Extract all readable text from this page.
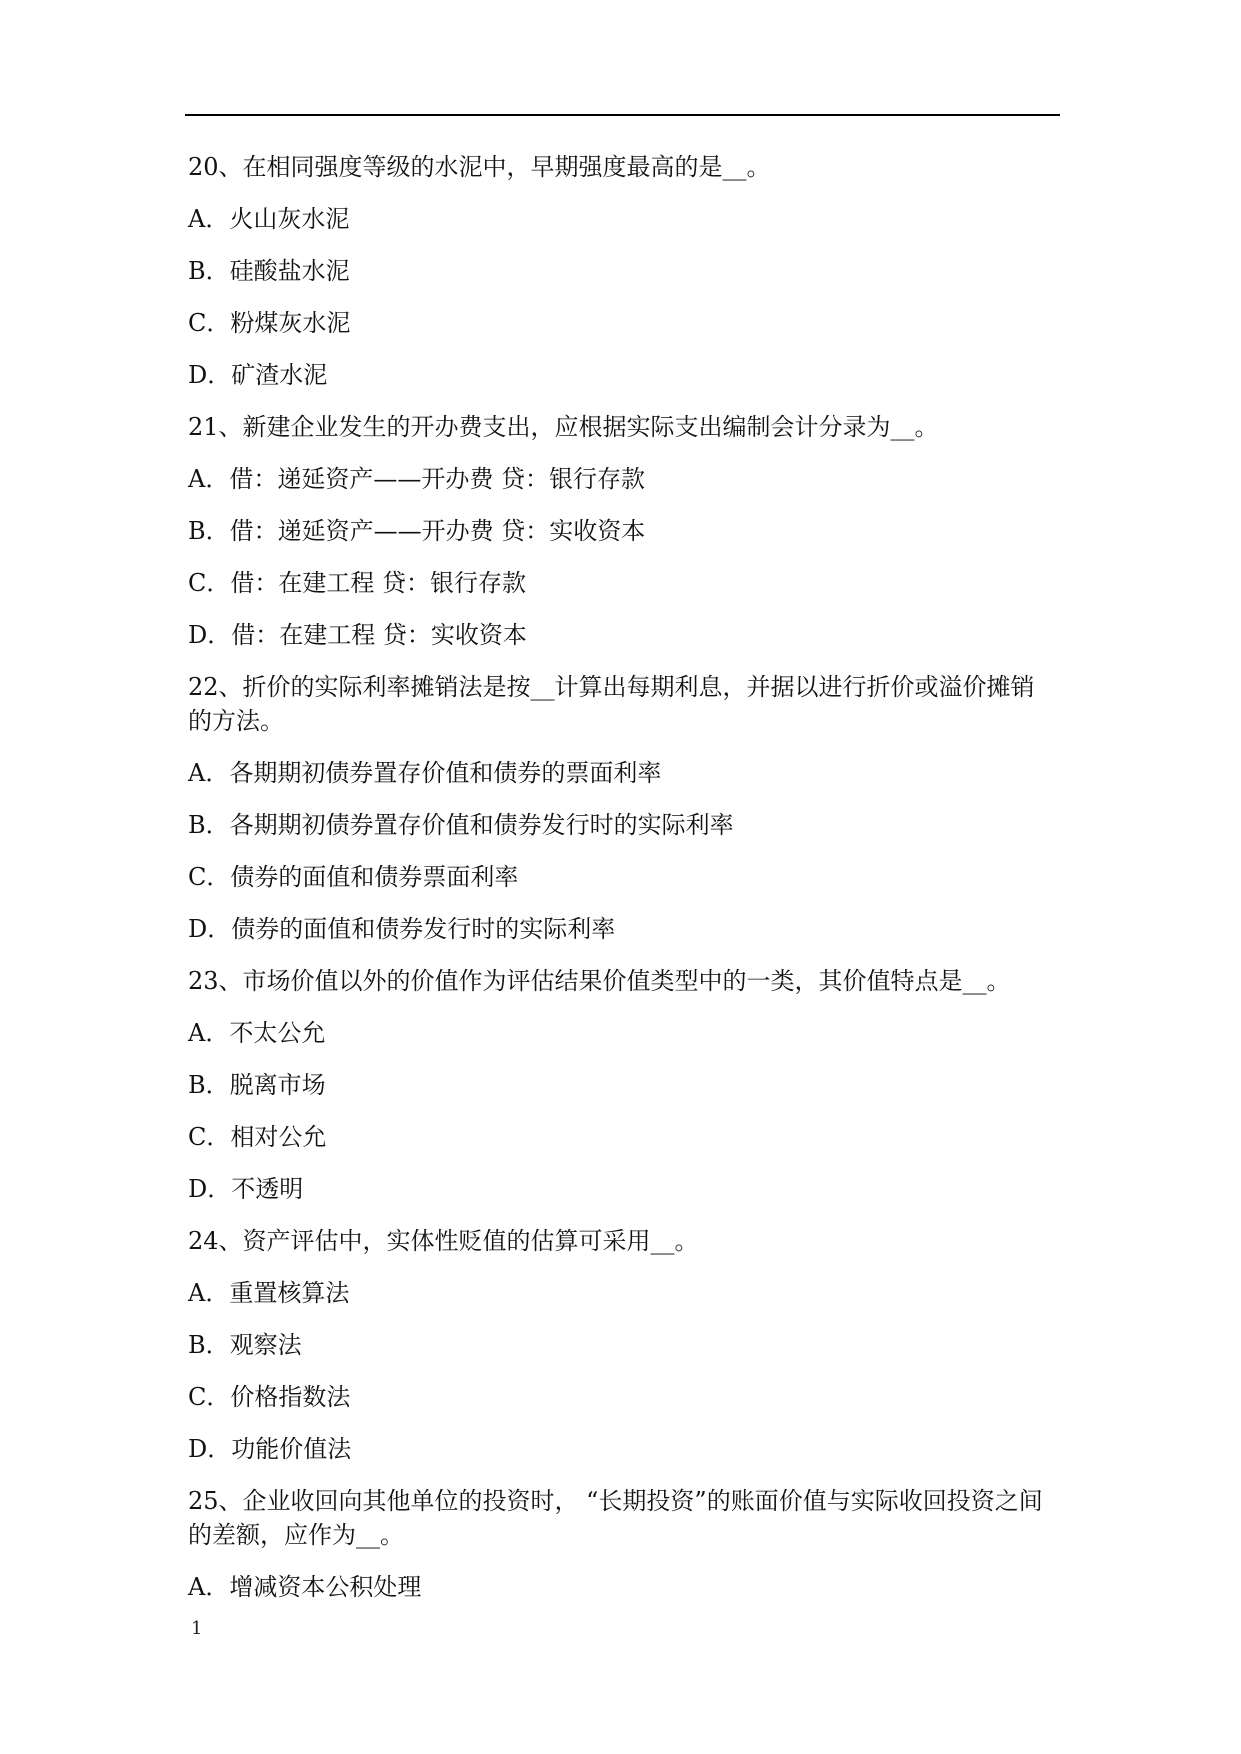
20、在相同强度等级的水泥中，早期强度最高的是__。
A．火山灰水泥
B．硅酸盐水泥
C．粉煤灰水泥
D．矿渣水泥
21、新建企业发生的开办费支出，应根据实际支出编制会计分录为__。
A．借：递延资产——开办费 贷：银行存款
B．借：递延资产——开办费 贷：实收资本
C．借：在建工程 贷：银行存款
D．借：在建工程 贷：实收资本
22、折价的实际利率摊销法是按__计算出每期利息，并据以进行折价或溢价摊销的方法。
A．各期期初债券置存价值和债券的票面利率
B．各期期初债券置存价值和债券发行时的实际利率
C．债券的面值和债券票面利率
D．债券的面值和债券发行时的实际利率
23、市场价值以外的价值作为评估结果价值类型中的一类，其价值特点是__。
A．不太公允
B．脱离市场
C．相对公允
D．不透明
24、资产评估中，实体性贬值的估算可采用__。
A．重置核算法
B．观察法
C．价格指数法
D．功能价值法
25、企业收回向其他单位的投资时， “长期投资”的账面价值与实际收回投资之间的差额，应作为__。
A．增减资本公积处理
1
